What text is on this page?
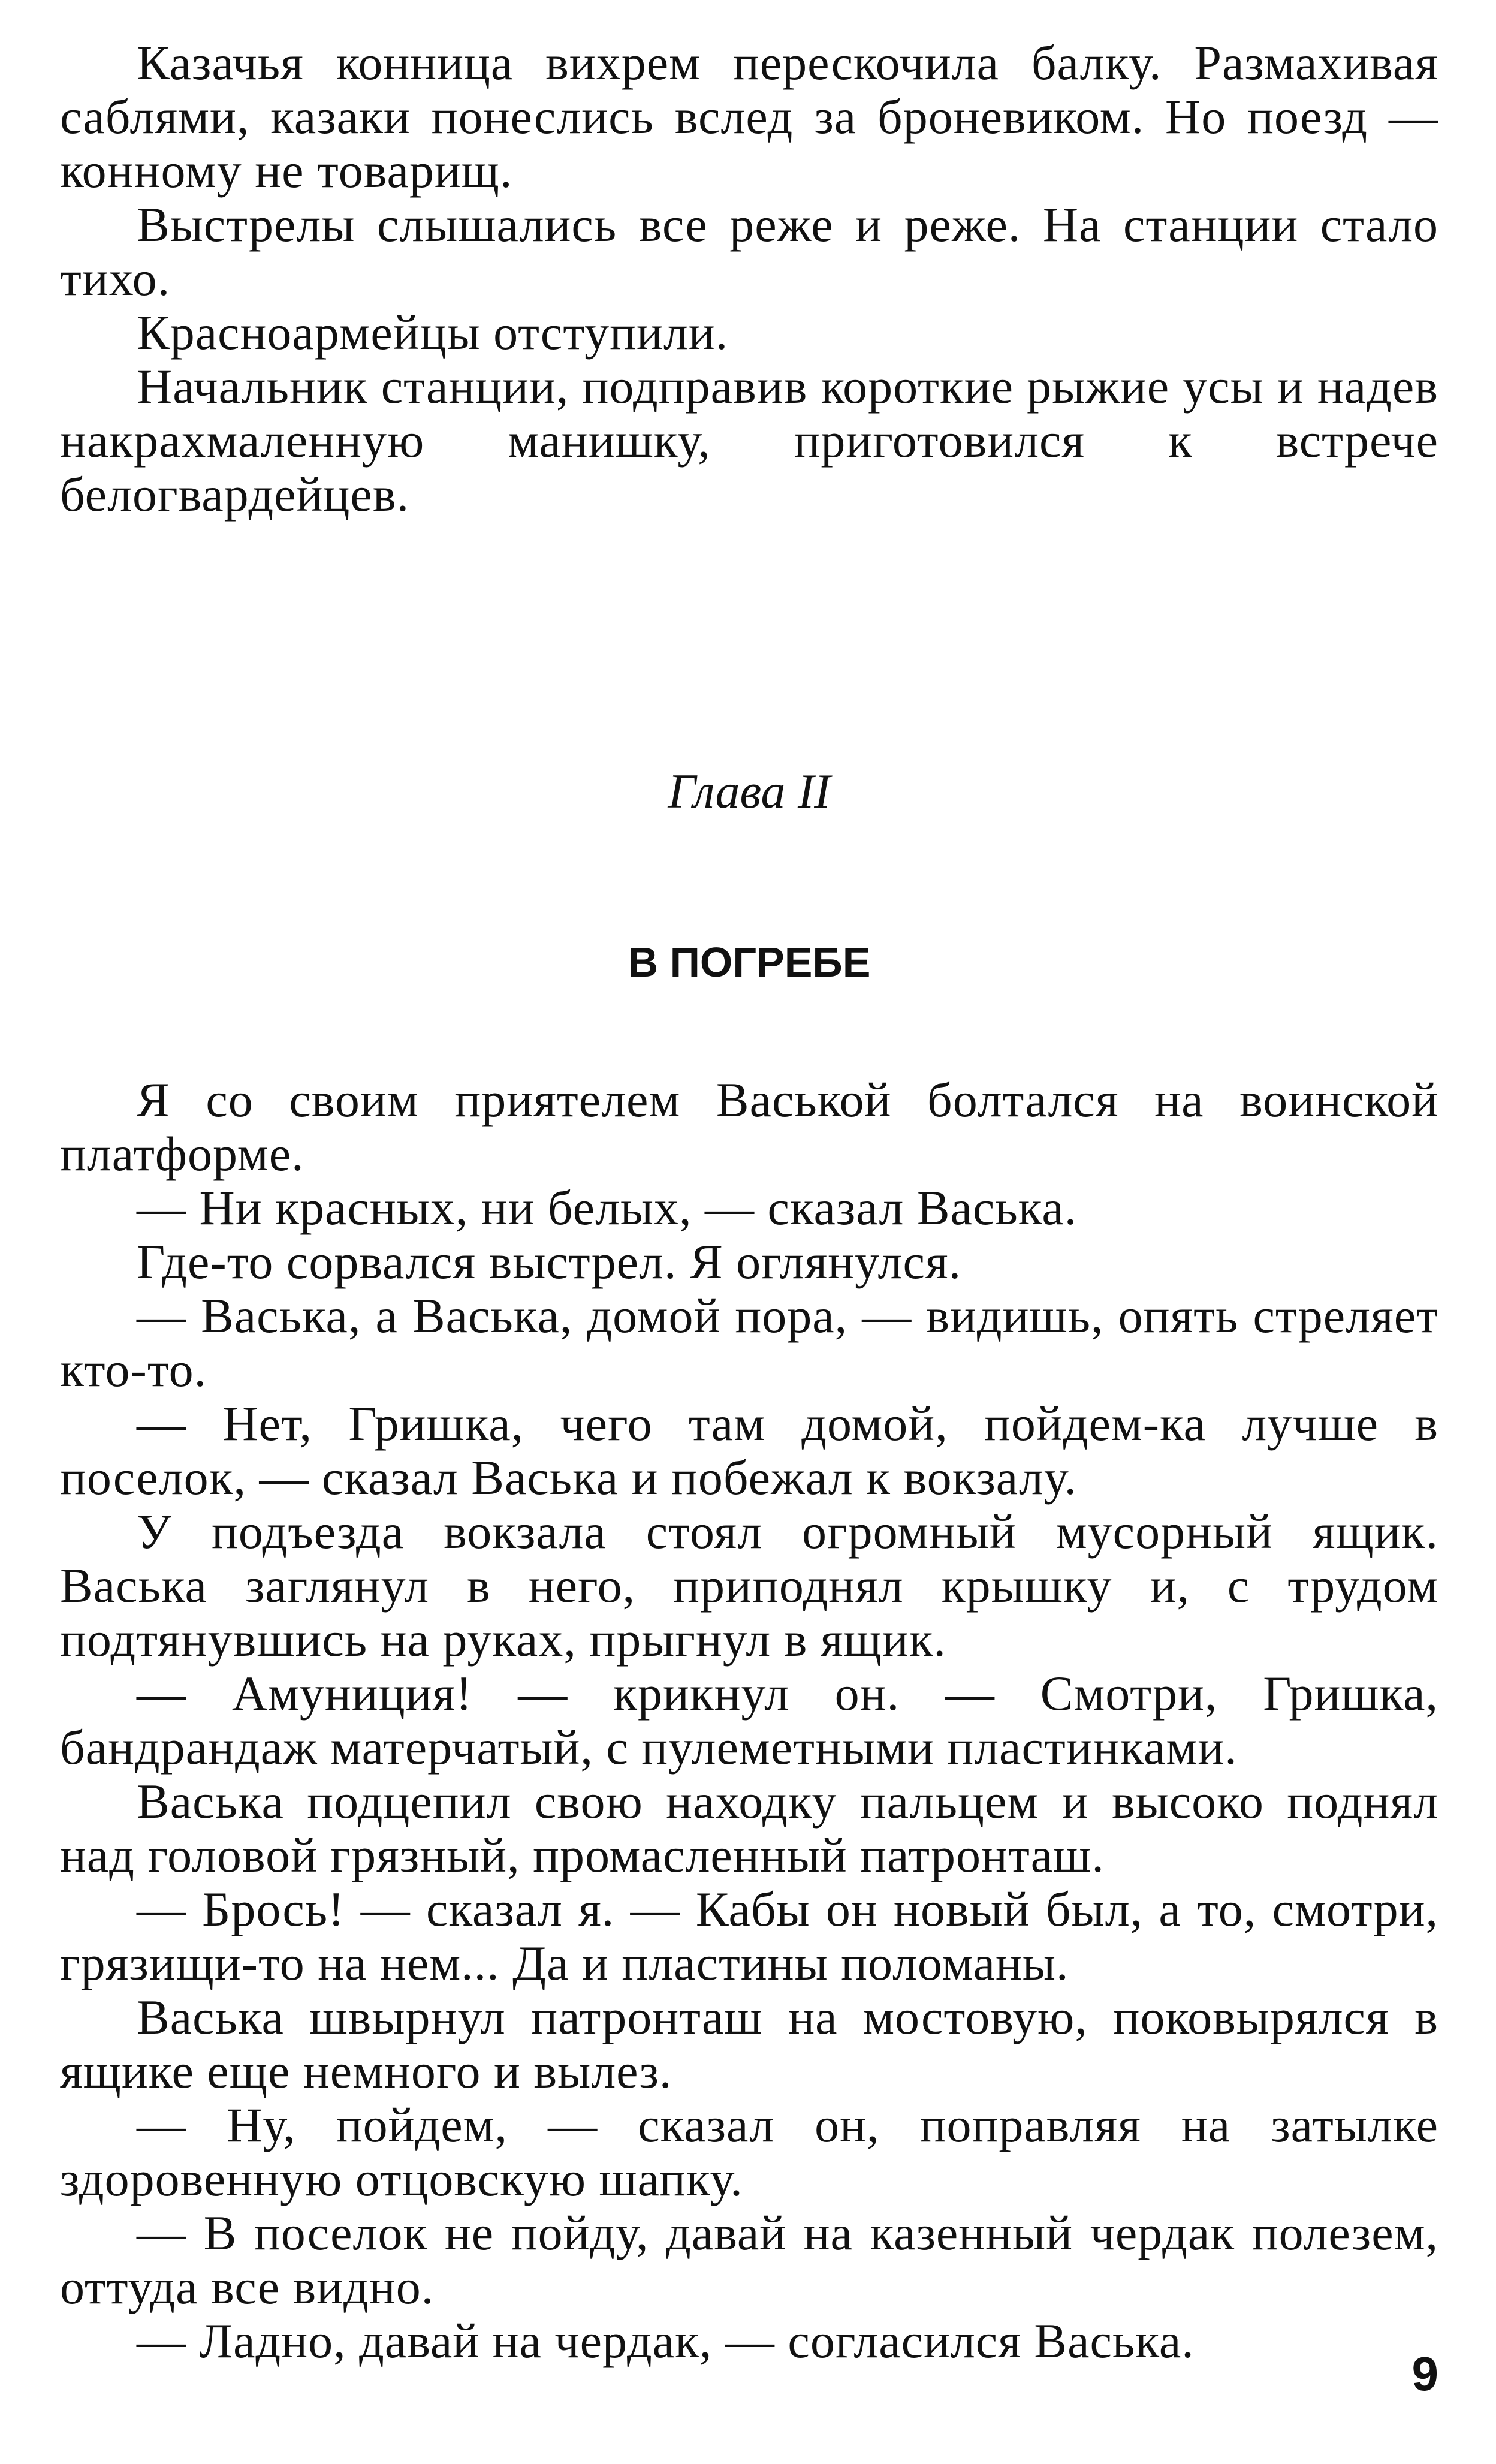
Казачья конница вихрем перескочила балку. Размахивая саблями, казаки понеслись вслед за броневиком. Но поезд — конному не товарищ.

Выстрелы слышались все реже и реже. На станции стало тихо.

Красноармейцы отступили.

Начальник станции, подправив короткие рыжие усы и надев накрахмаленную манишку, приготовился к встрече белогвардейцев.

Глава II

В ПОГРЕБЕ

Я со своим приятелем Васькой болтался на воинской платформе.

— Ни красных, ни белых, — сказал Васька.

Где-то сорвался выстрел. Я оглянулся.

— Васька, а Васька, домой пора, — видишь, опять стреляет кто-то.

— Нет, Гришка, чего там домой, пойдем-ка лучше в поселок, — сказал Васька и побежал к вокзалу.

У подъезда вокзала стоял огромный мусорный ящик. Васька заглянул в него, приподнял крышку и, с трудом подтянувшись на руках, прыгнул в ящик.

— Амуниция! — крикнул он. — Смотри, Гришка, бандрандаж матерчатый, с пулеметными пластинками.

Васька подцепил свою находку пальцем и высоко поднял над головой грязный, промасленный патронташ.

— Брось! — сказал я. — Кабы он новый был, а то, смотри, грязищи-то на нем... Да и пластины поломаны.

Васька швырнул патронташ на мостовую, поковырялся в ящике еще немного и вылез.

— Ну, пойдем, — сказал он, поправляя на затылке здоровенную отцовскую шапку.

— В поселок не пойду, давай на казенный чердак полезем, оттуда все видно.

— Ладно, давай на чердак, — согласился Васька.

9
